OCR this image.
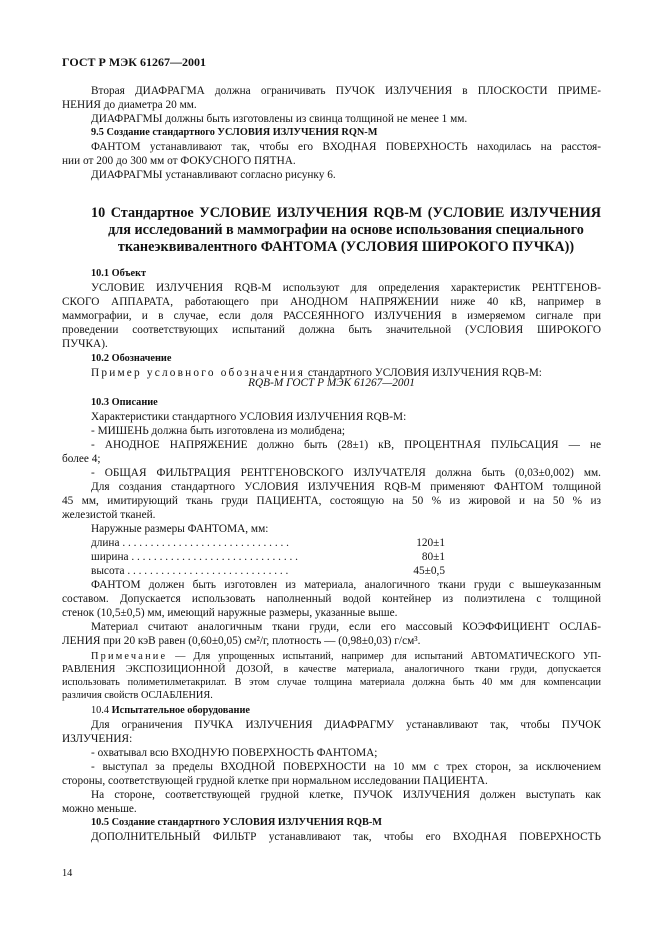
ГОСТ Р МЭК 61267—2001
Вторая ДИАФРАГМА должна ограничивать ПУЧОК ИЗЛУЧЕНИЯ в ПЛОСКОСТИ ПРИМЕ-
НЕНИЯ до диаметра 20 мм.
ДИАФРАГМЫ должны быть изготовлены из свинца толщиной не менее 1 мм.
9.5 Создание стандартного УСЛОВИЯ ИЗЛУЧЕНИЯ RQN-M
ФАНТОМ устанавливают так, чтобы его ВХОДНАЯ ПОВЕРХНОСТЬ находилась на расстоя-
нии от 200 до 300 мм от ФОКУСНОГО ПЯТНА.
ДИАФРАГМЫ устанавливают согласно рисунку 6.
10 Стандартное УСЛОВИЕ ИЗЛУЧЕНИЯ RQB-M (УСЛОВИЕ ИЗЛУЧЕНИЯ
для исследований в маммографии на основе использования специального
тканеэквивалентного ФАНТОМА (УСЛОВИЯ ШИРОКОГО ПУЧКА))
10.1 Объект
УСЛОВИЕ ИЗЛУЧЕНИЯ RQB-M используют для определения характеристик РЕНТГЕНОВ-
СКОГО АППАРАТА, работающего при АНОДНОМ НАПРЯЖЕНИИ ниже 40 кВ, например в
маммографии, и в случае, если доля РАССЕЯННОГО ИЗЛУЧЕНИЯ в измеряемом сигнале при
проведении соответствующих испытаний должна быть значительной (УСЛОВИЯ ШИРОКОГО
ПУЧКА).
10.2 Обозначение
Пример условного обозначения стандартного УСЛОВИЯ ИЗЛУЧЕНИЯ RQB-M:
RQB-M ГОСТ Р МЭК 61267—2001
10.3 Описание
Характеристики стандартного УСЛОВИЯ ИЗЛУЧЕНИЯ RQB-M:
- МИШЕНЬ должна быть изготовлена из молибдена;
- АНОДНОЕ НАПРЯЖЕНИЕ должно быть (28±1) кВ, ПРОЦЕНТНАЯ ПУЛЬСАЦИЯ — не
более 4;
- ОБЩАЯ ФИЛЬТРАЦИЯ РЕНТГЕНОВСКОГО ИЗЛУЧАТЕЛЯ должна быть (0,03±0,002) мм.
Для создания стандартного УСЛОВИЯ ИЗЛУЧЕНИЯ RQB-M применяют ФАНТОМ толщиной
45 мм, имитирующий ткань груди ПАЦИЕНТА, состоящую на 50 % из жировой и на 50 % из
железистой тканей.
Наружные размеры ФАНТОМА, мм:
длина . . . . . . . . . . . . . . . . . . . . . . . . . . . . . .	120±1
ширина . . . . . . . . . . . . . . . . . . . . . . . . . . . . . .	80±1
высота . . . . . . . . . . . . . . . . . . . . . . . . . . . . .	45±0,5
ФАНТОМ должен быть изготовлен из материала, аналогичного ткани груди с вышеуказанным
составом. Допускается использовать наполненный водой контейнер из полиэтилена с толщиной
стенок (10,5±0,5) мм, имеющий наружные размеры, указанные выше.
Материал считают аналогичным ткани груди, если его массовый КОЭФФИЦИЕНТ ОСЛАБ-
ЛЕНИЯ при 20 кэВ равен (0,60±0,05) см²/г, плотность — (0,98±0,03) г/см³.
Примечание — Для упрощенных испытаний, например для испытаний АВТОМАТИЧЕСКОГО УП-
РАВЛЕНИЯ ЭКСПОЗИЦИОННОЙ ДОЗОЙ, в качестве материала, аналогичного ткани груди, допускается
использовать полиметилметакрилат. В этом случае толщина материала должна быть 40 мм для компенсации
различия свойств ОСЛАБЛЕНИЯ.
10.4 Испытательное оборудование
Для ограничения ПУЧКА ИЗЛУЧЕНИЯ ДИАФРАГМУ устанавливают так, чтобы ПУЧОК
ИЗЛУЧЕНИЯ:
- охватывал всю ВХОДНУЮ ПОВЕРХНОСТЬ ФАНТОМА;
- выступал за пределы ВХОДНОЙ ПОВЕРХНОСТИ на 10 мм с трех сторон, за исключением
стороны, соответствующей грудной клетке при нормальном исследовании ПАЦИЕНТА.
На стороне, соответствующей грудной клетке, ПУЧОК ИЗЛУЧЕНИЯ должен выступать как
можно меньше.
10.5 Создание стандартного УСЛОВИЯ ИЗЛУЧЕНИЯ RQB-M
ДОПОЛНИТЕЛЬНЫЙ ФИЛЬТР устанавливают так, чтобы его ВХОДНАЯ ПОВЕРХНОСТЬ
14
